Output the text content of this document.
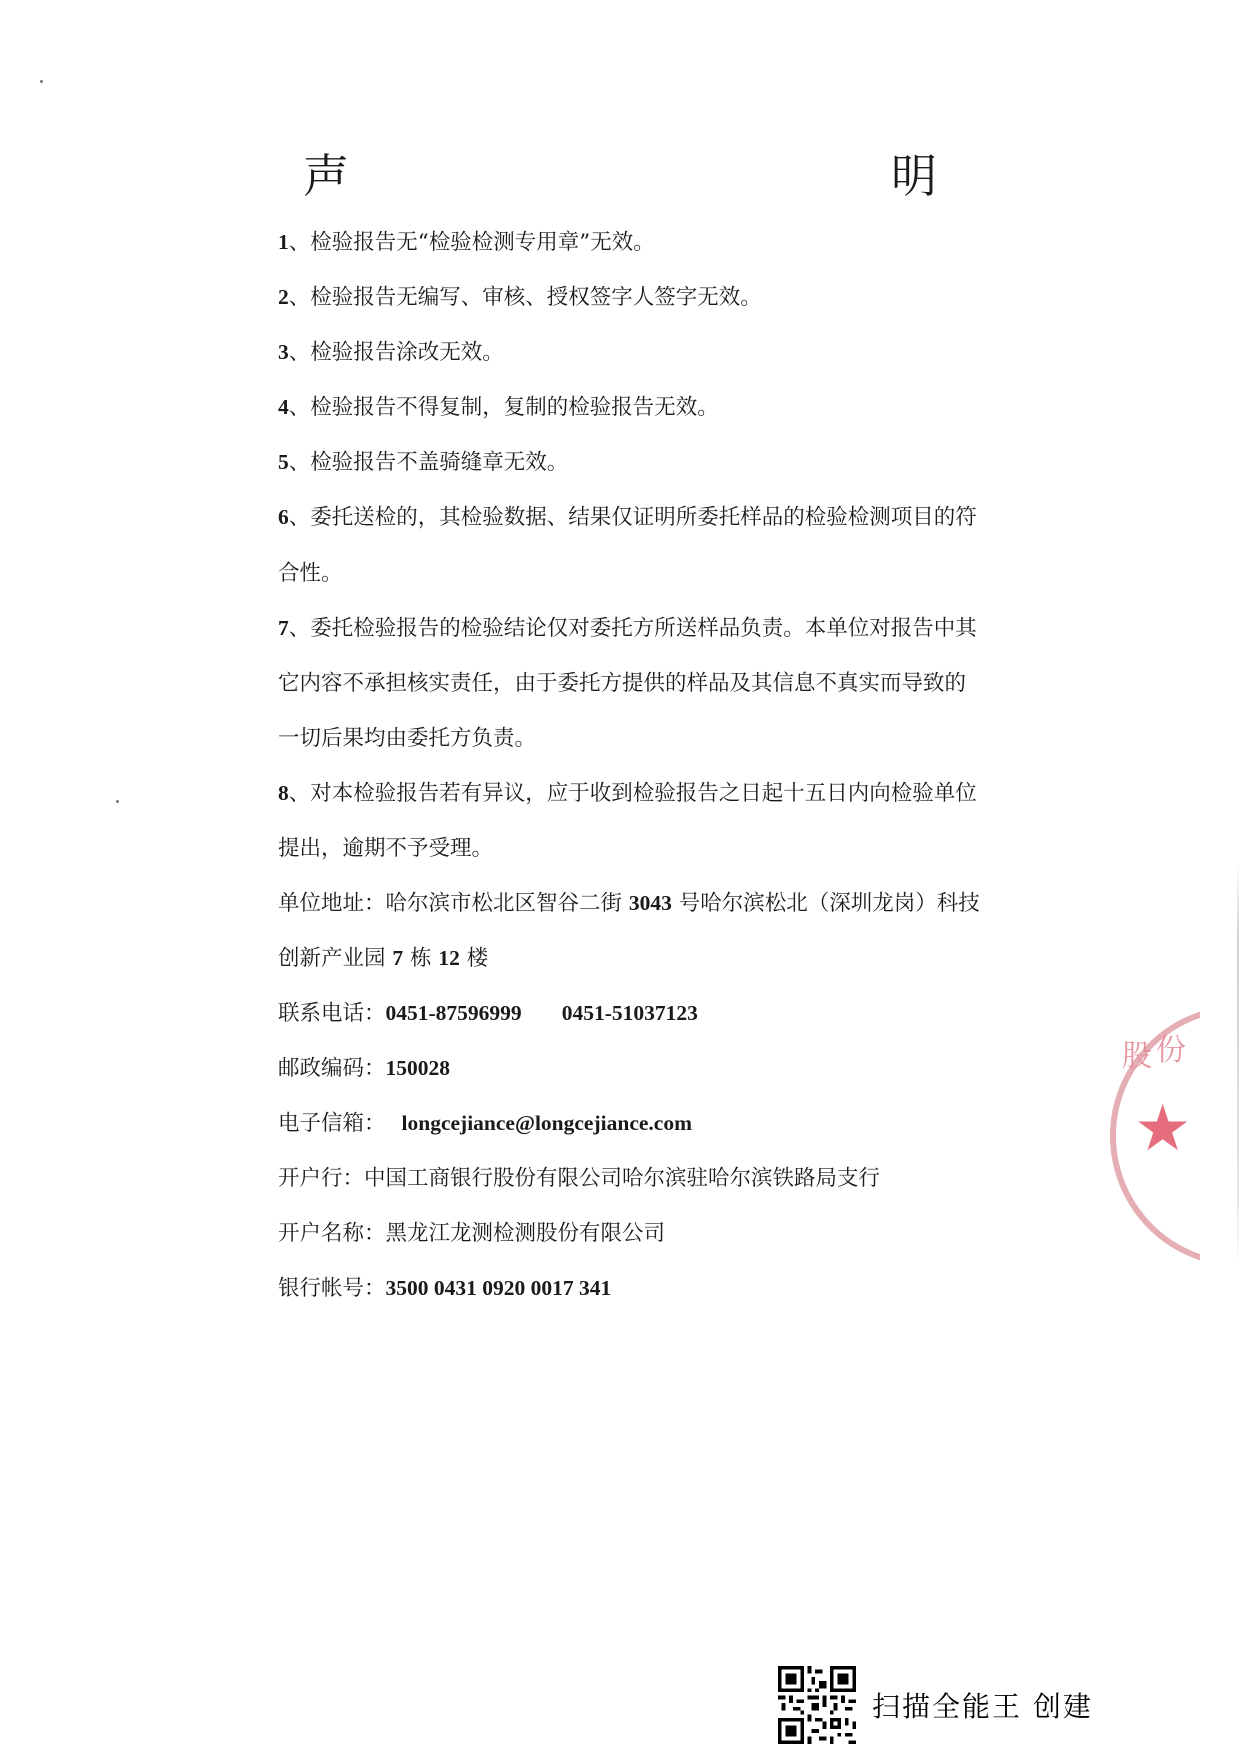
声　　明
1、检验报告无“检验检测专用章”无效。
2、检验报告无编写、审核、授权签字人签字无效。
3、检验报告涂改无效。
4、检验报告不得复制，复制的检验报告无效。
5、检验报告不盖骑缝章无效。
6、委托送检的，其检验数据、结果仅证明所委托样品的检验检测项目的符
合性。
7、委托检验报告的检验结论仅对委托方所送样品负责。本单位对报告中其
它内容不承担核实责任，由于委托方提供的样品及其信息不真实而导致的
一切后果均由委托方负责。
8、对本检验报告若有异议，应于收到检验报告之日起十五日内向检验单位
提出，逾期不予受理。
单位地址：哈尔滨市松北区智谷二街 3043 号哈尔滨松北（深圳龙岗）科技
创新产业园 7 栋 12 楼
联系电话：0451-87596999 0451-51037123
邮政编码：150028
电子信箱： longcejiance@longcejiance.com
开户行：中国工商银行股份有限公司哈尔滨驻哈尔滨铁路局支行
开户名称：黑龙江龙测检测股份有限公司
银行帐号：3500 0431 0920 0017 341
股 份
★
扫描全能王 创建
